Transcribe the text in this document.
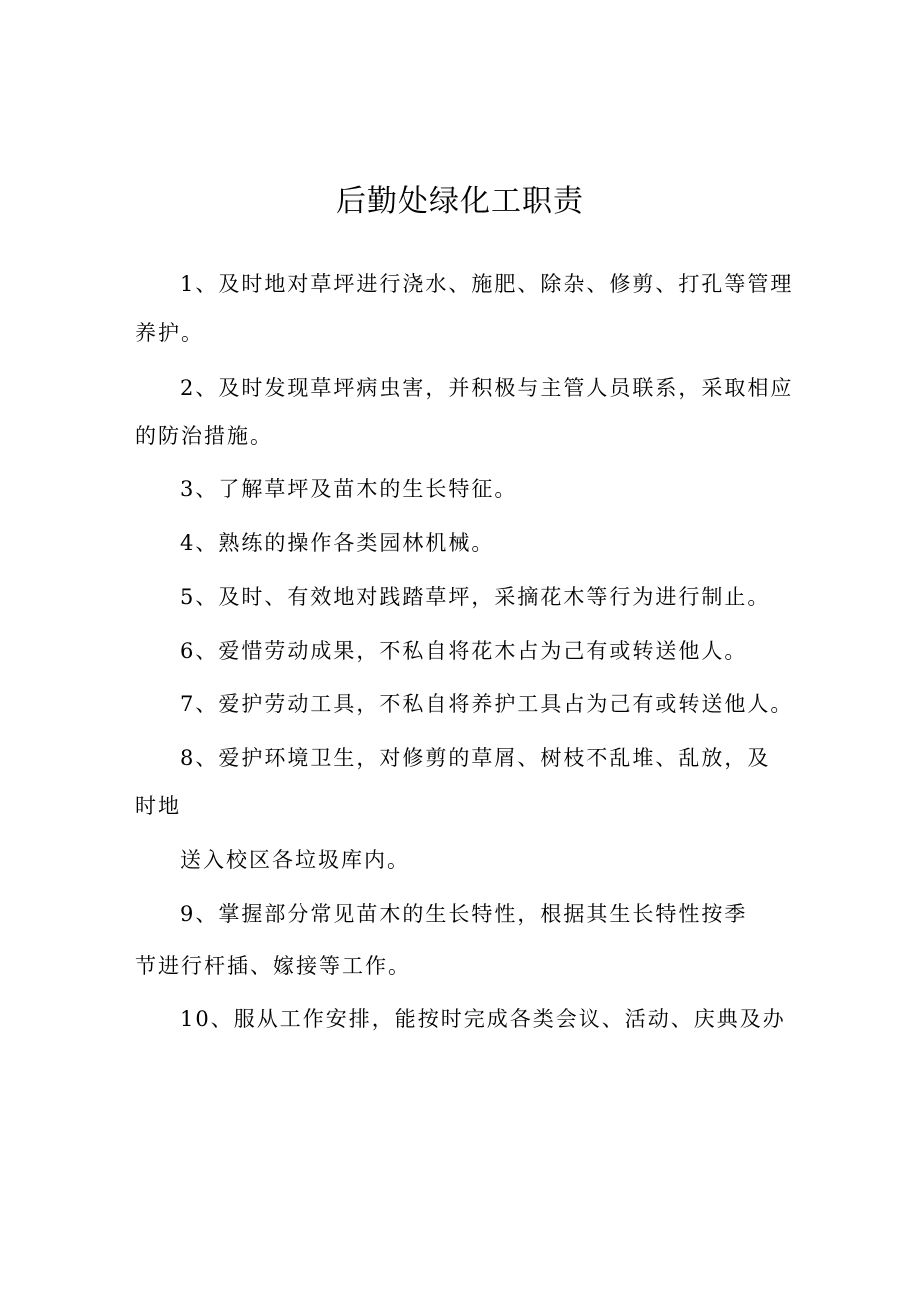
后勤处绿化工职责
1、及时地对草坪进行浇水、施肥、除杂、修剪、打孔等管理
养护。
2、及时发现草坪病虫害，并积极与主管人员联系，采取相应
的防治措施。
3、了解草坪及苗木的生长特征。
4、熟练的操作各类园林机械。
5、及时、有效地对践踏草坪，采摘花木等行为进行制止。
6、爱惜劳动成果，不私自将花木占为己有或转送他人。
7、爱护劳动工具，不私自将养护工具占为己有或转送他人。
8、爱护环境卫生，对修剪的草屑、树枝不乱堆、乱放，及
时地
送入校区各垃圾库内。
9、掌握部分常见苗木的生长特性，根据其生长特性按季
节进行杆插、嫁接等工作。
10、服从工作安排，能按时完成各类会议、活动、庆典及办
